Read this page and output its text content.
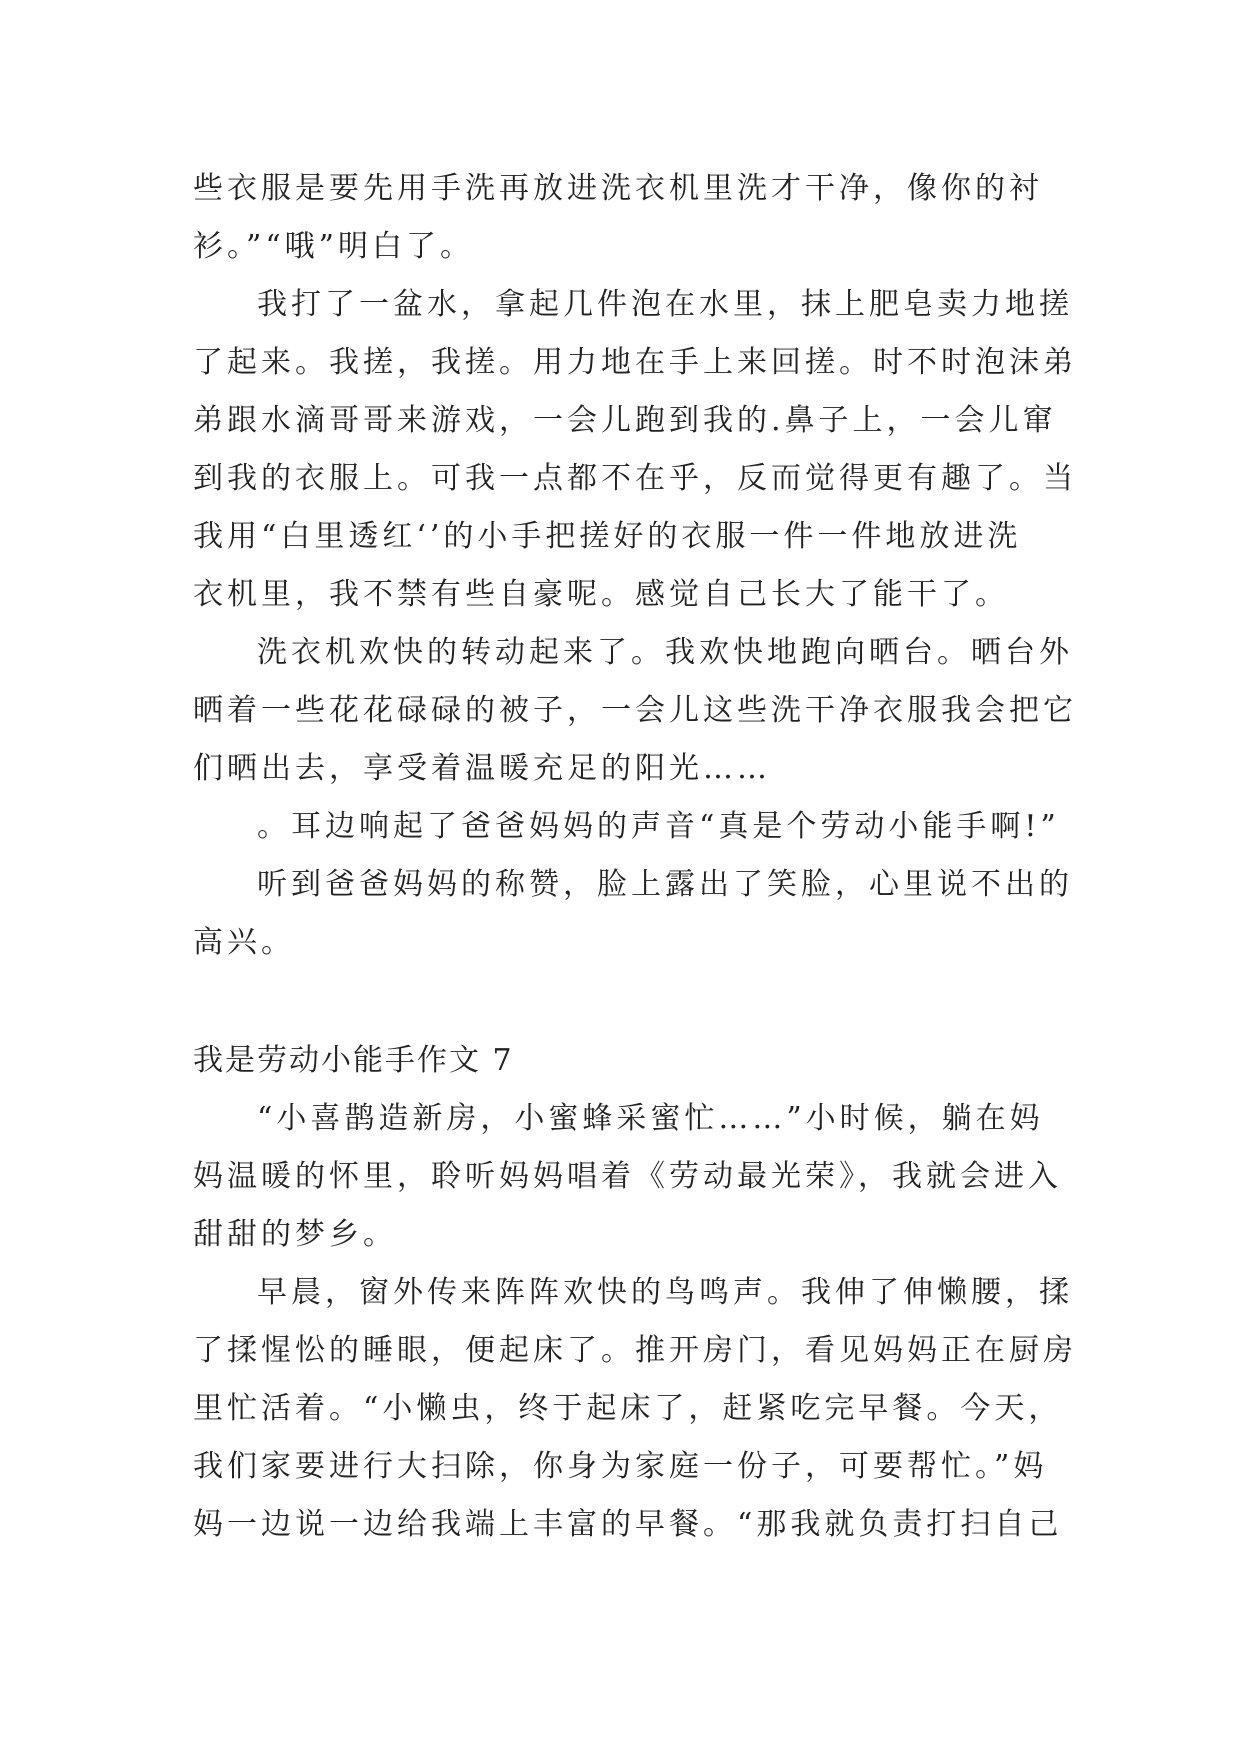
些衣服是要先用手洗再放进洗衣机里洗才干净，像你的衬

衫。”“哦”明白了。

我打了一盆水，拿起几件泡在水里，抹上肥皂卖力地搓

了起来。我搓，我搓。用力地在手上来回搓。时不时泡沫弟

弟跟水滴哥哥来游戏，一会儿跑到我的.鼻子上，一会儿窜

到我的衣服上。可我一点都不在乎，反而觉得更有趣了。当

我用“白里透红‘’的小手把搓好的衣服一件一件地放进洗

衣机里，我不禁有些自豪呢。感觉自己长大了能干了。

洗衣机欢快的转动起来了。我欢快地跑向晒台。晒台外

晒着一些花花碌碌的被子，一会儿这些洗干净衣服我会把它

们晒出去，享受着温暖充足的阳光……

。耳边响起了爸爸妈妈的声音“真是个劳动小能手啊!”

听到爸爸妈妈的称赞，脸上露出了笑脸，心里说不出的

高兴。

我是劳动小能手作文 7

“小喜鹊造新房，小蜜蜂采蜜忙……”小时候，躺在妈

妈温暖的怀里，聆听妈妈唱着《劳动最光荣》，我就会进入

甜甜的梦乡。

早晨，窗外传来阵阵欢快的鸟鸣声。我伸了伸懒腰，揉

了揉惺忪的睡眼，便起床了。推开房门，看见妈妈正在厨房

里忙活着。“小懒虫，终于起床了，赶紧吃完早餐。今天，

我们家要进行大扫除，你身为家庭一份子，可要帮忙。”妈

妈一边说一边给我端上丰富的早餐。“那我就负责打扫自己
